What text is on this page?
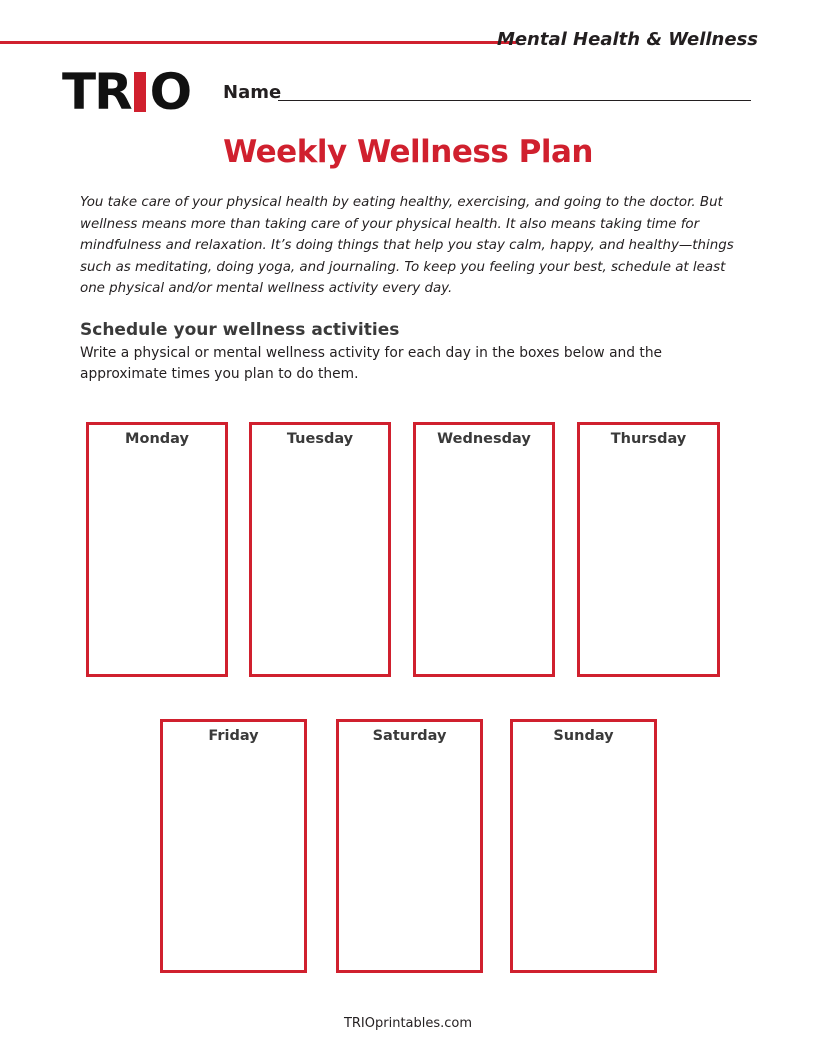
Mental Health & Wellness
TR O Name
Weekly Wellness Plan
You take care of your physical health by eating healthy, exercising, and going to the doctor. But wellness means more than taking care of your physical health. It also means taking time for mindfulness and relaxation. It’s doing things that help you stay calm, happy, and healthy—things such as meditating, doing yoga, and journaling. To keep you feeling your best, schedule at least one physical and/or mental wellness activity every day.
Schedule your wellness activities
Write a physical or mental wellness activity for each day in the boxes below and the approximate times you plan to do them.
Monday	Tuesday	Wednesday	Thursday
Friday	Saturday	Sunday
TRIOprintables.com
